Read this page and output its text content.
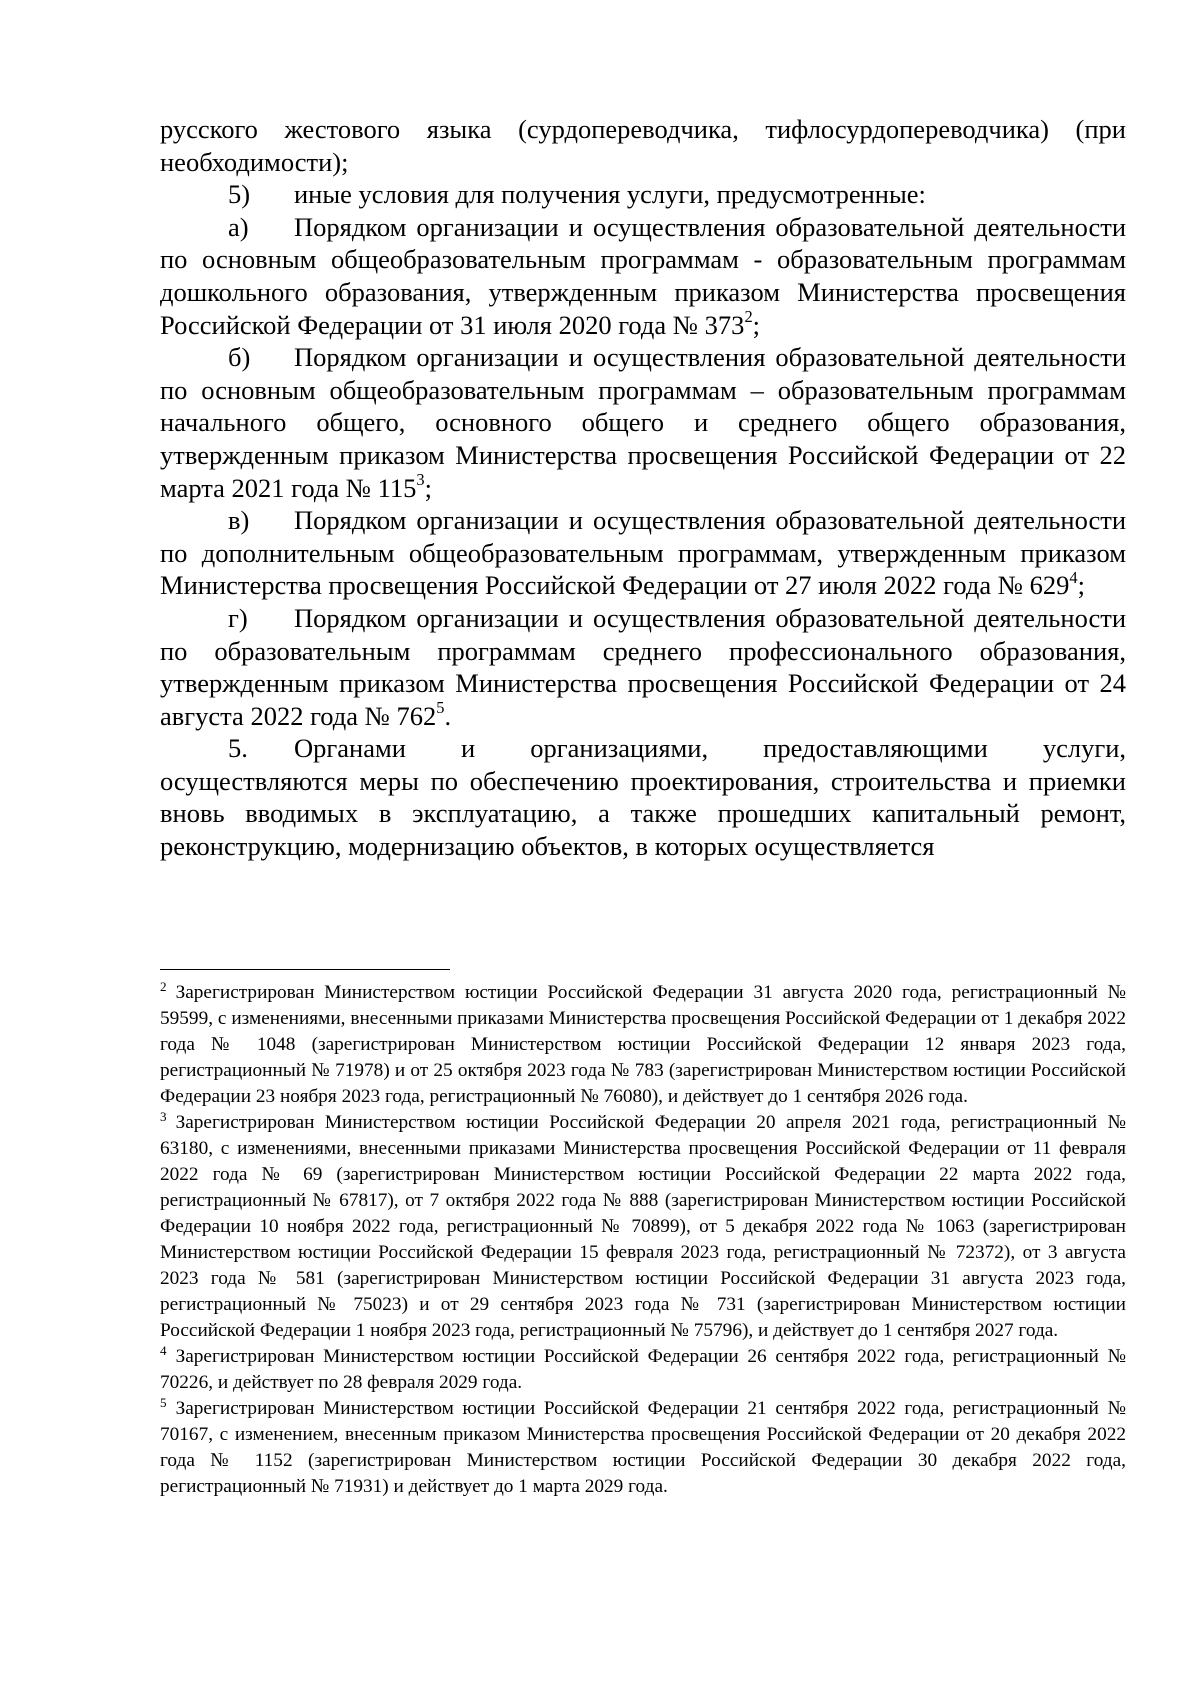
русского жестового языка (сурдопереводчика, тифлосурдопереводчика) (при необходимости);

5) иные условия для получения услуги, предусмотренные:

а) Порядком организации и осуществления образовательной деятельности по основным общеобразовательным программам - образовательным программам дошкольного образования, утвержденным приказом Министерства просвещения Российской Федерации от 31 июля 2020 года № $373^2$;

б) Порядком организации и осуществления образовательной деятельности по основным общеобразовательным программам – образовательным программам начального общего, основного общего и среднего общего образования, утвержденным приказом Министерства просвещения Российской Федерации от 22 марта 2021 года № $115^3$;

в) Порядком организации и осуществления образовательной деятельности по дополнительным общеобразовательным программам, утвержденным приказом Министерства просвещения Российской Федерации от 27 июля 2022 года № $629^4$;

г) Порядком организации и осуществления образовательной деятельности по образовательным программам среднего профессионального образования, утвержденным приказом Министерства просвещения Российской Федерации от 24 августа 2022 года № $762^5$.

5. Органами и организациями, предоставляющими услуги, осуществляются меры по обеспечению проектирования, строительства и приемки вновь вводимых в эксплуатацию, а также прошедших капитальный ремонт, реконструкцию, модернизацию объектов, в которых осуществляется

$^2$ Зарегистрирован Министерством юстиции Российской Федерации 31 августа 2020 года, регистрационный № 59599, с изменениями, внесенными приказами Министерства просвещения Российской Федерации от 1 декабря 2022 года № 1048 (зарегистрирован Министерством юстиции Российской Федерации 12 января 2023 года, регистрационный № 71978) и от 25 октября 2023 года № 783 (зарегистрирован Министерством юстиции Российской Федерации 23 ноября 2023 года, регистрационный № 76080), и действует до 1 сентября 2026 года.

$^3$ Зарегистрирован Министерством юстиции Российской Федерации 20 апреля 2021 года, регистрационный № 63180, с изменениями, внесенными приказами Министерства просвещения Российской Федерации от 11 февраля 2022 года № 69 (зарегистрирован Министерством юстиции Российской Федерации 22 марта 2022 года, регистрационный № 67817), от 7 октября 2022 года № 888 (зарегистрирован Министерством юстиции Российской Федерации 10 ноября 2022 года, регистрационный № 70899), от 5 декабря 2022 года № 1063 (зарегистрирован Министерством юстиции Российской Федерации 15 февраля 2023 года, регистрационный № 72372), от 3 августа 2023 года № 581 (зарегистрирован Министерством юстиции Российской Федерации 31 августа 2023 года, регистрационный № 75023) и от 29 сентября 2023 года № 731 (зарегистрирован Министерством юстиции Российской Федерации 1 ноября 2023 года, регистрационный № 75796), и действует до 1 сентября 2027 года.

$^4$ Зарегистрирован Министерством юстиции Российской Федерации 26 сентября 2022 года, регистрационный № 70226, и действует по 28 февраля 2029 года.

$^5$ Зарегистрирован Министерством юстиции Российской Федерации 21 сентября 2022 года, регистрационный № 70167, с изменением, внесенным приказом Министерства просвещения Российской Федерации от 20 декабря 2022 года № 1152 (зарегистрирован Министерством юстиции Российской Федерации 30 декабря 2022 года, регистрационный № 71931) и действует до 1 марта 2029 года.
